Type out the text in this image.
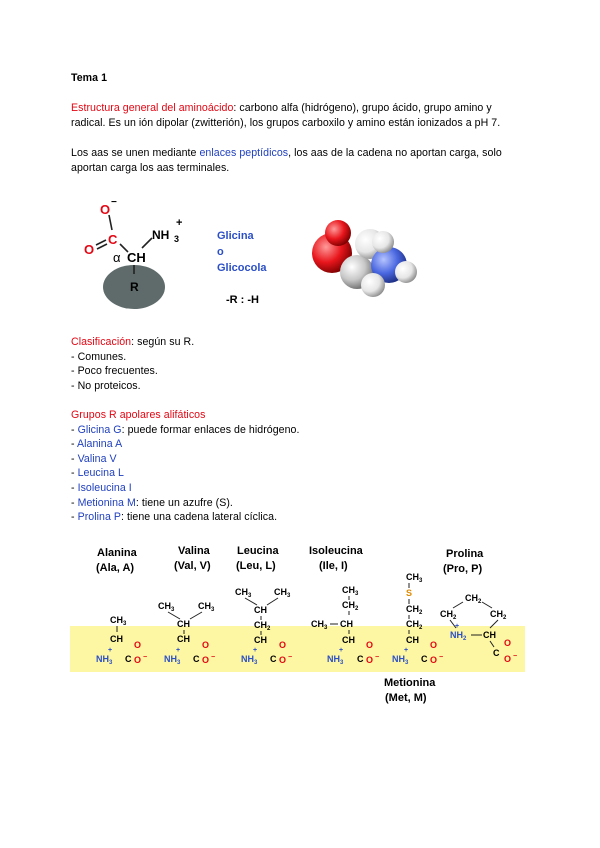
Tema 1
Estructura general del aminoácido: carbono alfa (hidrógeno), grupo ácido, grupo amino y
radical. Es un ión dipolar (zwitterión), los grupos carboxilo y amino están ionizados a pH 7.
Los aas se unen mediante enlaces peptídicos, los aas de la cadena no aportan carga, solo
aportan carga los aas terminales.
R
O −
O
C	NH 3
+
α CH
Glicina
o
Glicocola
-R : -H
Clasificación: según su R.
- Comunes.
- Poco frecuentes.
- No proteicos.
Grupos R apolares alifáticos
- Glicina G: puede formar enlaces de hidrógeno.
- Alanina A
- Valina V
- Leucina L
- Isoleucina I
- Metionina M: tiene un azufre (S).
- Prolina P: tiene una cadena lateral cíclica.
Alanina
(Ala, A)
Valina
(Val, V)
Leucina
(Leu, L)
Isoleucina
(Ile, I)
Prolina
(Pro, P)
Metionina
(Met, M)
$CH_3$
CH
$NH_3$
+
C
O
O −
$CH_3$	$CH_3$
CH
CH
$NH_3$
+
C
O
O −
$CH_3$	$CH_3$
CH
$CH_2$
CH
$NH_3$
+
C
O
O −
$CH_3$
$CH_2$
$CH_3$ CH
CH
$NH_3$
+
C
O
O −
$CH_3$
S
$CH_2$
$CH_2$
CH
$NH_3$
+
C
O
O −
$CH_2$
$CH_2$	$CH_2$
$NH_2$
+
CH
C
O
O −
